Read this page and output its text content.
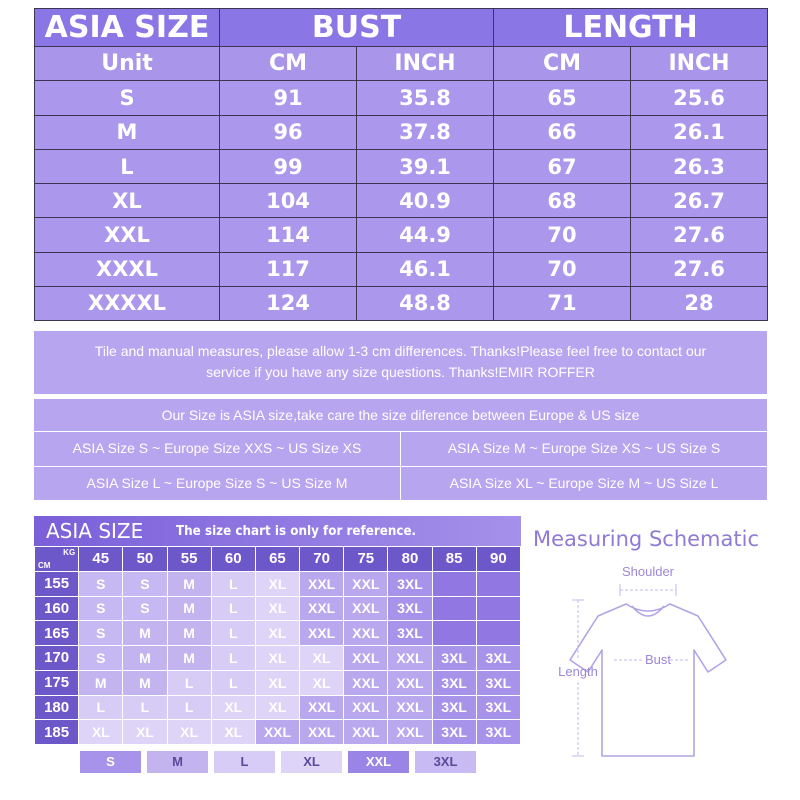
ASIA SIZE	BUST		LENGTH	
Unit	CM	INCH	CM	INCH
S	91	35.8	65	25.6
M	96	37.8	66	26.1
L	99	39.1	67	26.3
XL	104	40.9	68	26.7
XXL	114	44.9	70	27.6
XXXL	117	46.1	70	27.6
XXXXL	124	48.8	71	28
Tile and manual measures, please allow 1-3 cm differences. Thanks!Please feel free to contact our
service if you have any size questions. Thanks!EMIR ROFFER
Our Size is ASIA size,take care the size diference between Europe & US size
ASIA Size S ~ Europe Size XXS ~ US Size XS	ASIA Size M ~ Europe Size XS ~ US Size S
ASIA Size L ~ Europe Size S ~ US Size M	ASIA Size XL ~ Europe Size M ~ US Size L
ASIA SIZE	The size chart is only for reference.
KG
CM	45	50	55	60	65	70	75	80	85	90
155	S	S	M	L	XL	XXL	XXL	3XL		
160	S	S	M	L	XL	XXL	XXL	3XL		
165	S	M	M	L	XL	XXL	XXL	3XL		
170	S	M	M	L	XL	XL	XXL	XXL	3XL	3XL
175	M	M	L	L	XL	XL	XXL	XXL	3XL	3XL
180	L	L	L	XL	XL	XXL	XXL	XXL	3XL	3XL
185	XL	XL	XL	XL	XXL	XXL	XXL	XXL	3XL	3XL
S	M	L	XL	XXL	3XL
Measuring Schematic
Shoulder
Bust
Length
